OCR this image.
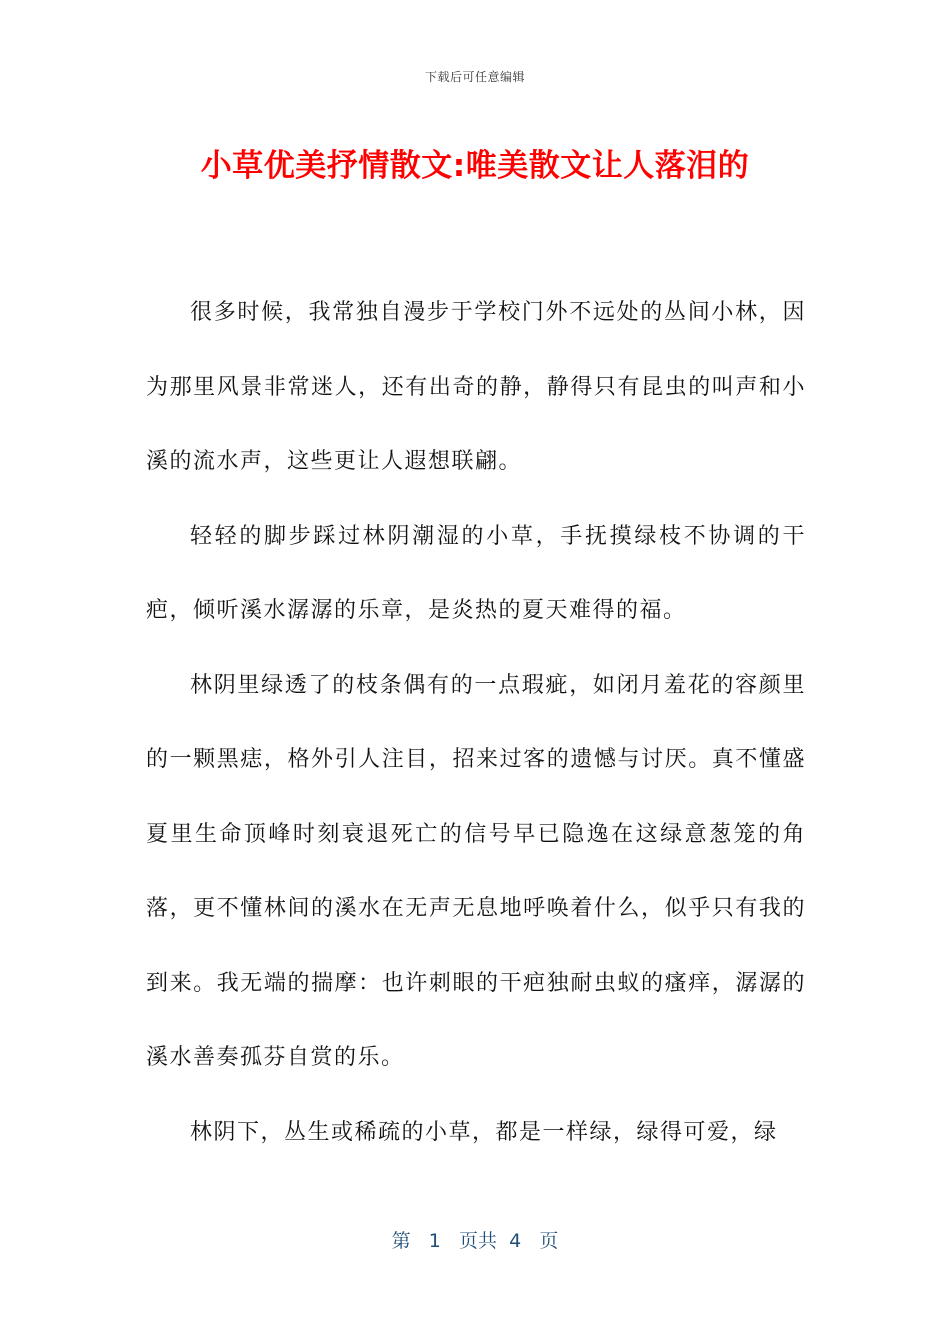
下载后可任意编辑
小草优美抒情散文:唯美散文让人落泪的

很多时候，我常独自漫步于学校门外不远处的丛间小林，因为那里风景非常迷人，还有出奇的静，静得只有昆虫的叫声和小溪的流水声，这些更让人遐想联翩。

轻轻的脚步踩过林阴潮湿的小草，手抚摸绿枝不协调的干疤，倾听溪水潺潺的乐章，是炎热的夏天难得的福。

林阴里绿透了的枝条偶有的一点瑕疵，如闭月羞花的容颜里的一颗黑痣，格外引人注目，招来过客的遗憾与讨厌。真不懂盛夏里生命顶峰时刻衰退死亡的信号早已隐逸在这绿意葱笼的角落，更不懂林间的溪水在无声无息地呼唤着什么，似乎只有我的到来。我无端的揣摩：也许刺眼的干疤独耐虫蚁的瘙痒，潺潺的溪水善奏孤芬自赏的乐。

林阴下，丛生或稀疏的小草，都是一样绿，绿得可爱，绿

第 1 页共 4 页
